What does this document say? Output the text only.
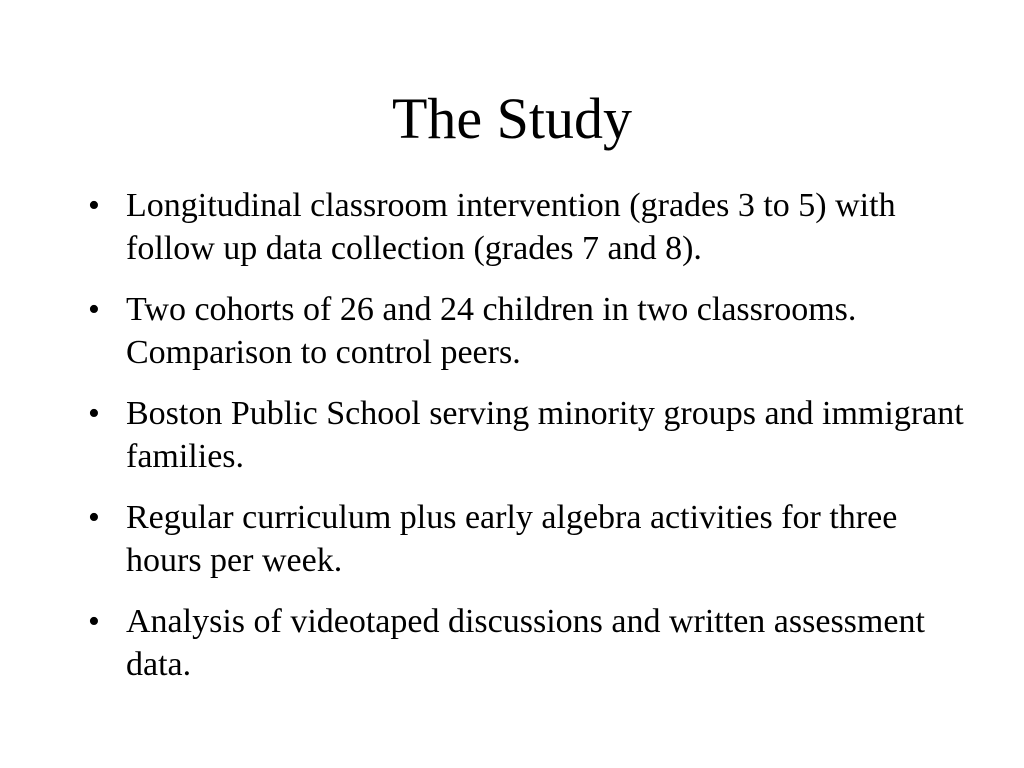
The Study
• Longitudinal classroom intervention (grades 3 to 5) with follow up data collection (grades 7 and 8).
• Two cohorts of 26 and 24 children in two classrooms.  Comparison to control peers.
• Boston Public School serving minority groups and immigrant families.
• Regular curriculum plus early algebra activities for three hours per week.
• Analysis of videotaped discussions and written assessment data.
